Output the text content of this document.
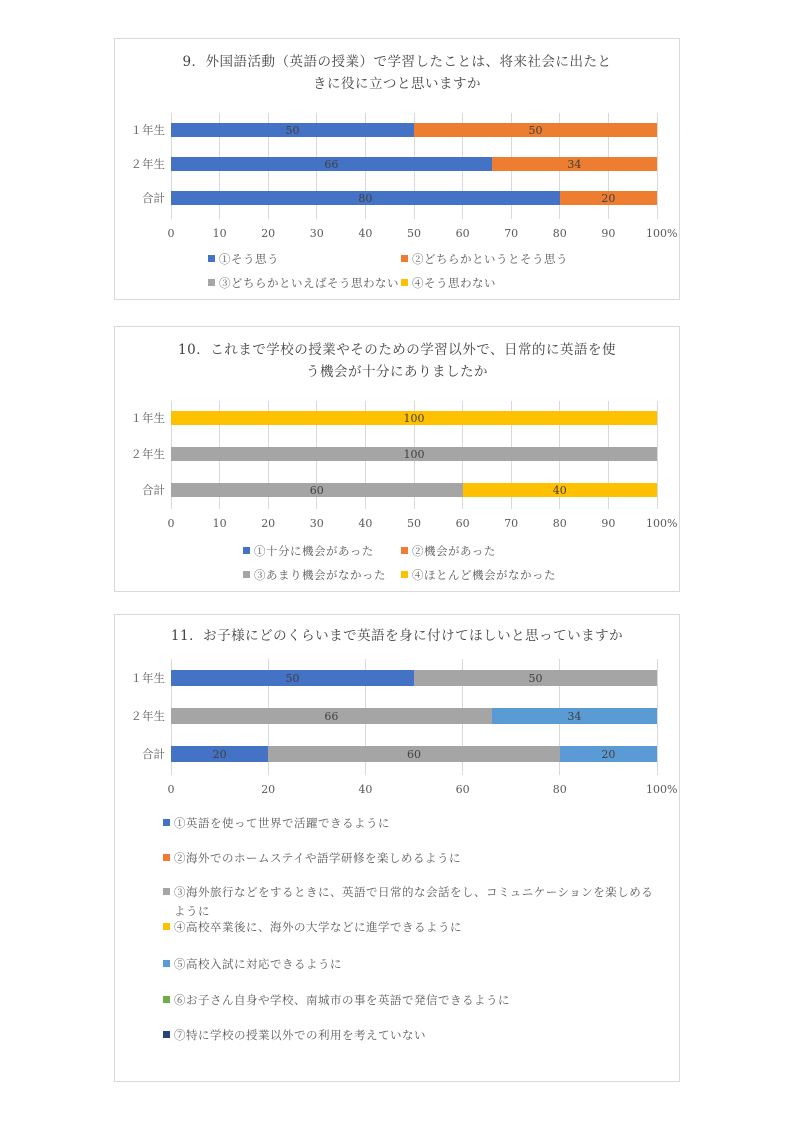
9．外国語活動（英語の授業）で学習したことは、将来社会に出たと
きに役に立つと思いますか
①そう思う	②どちらかというとそう思う
③どちらかといえばそう思わない	④そう思わない
0	10	20	30	40	50	60	70	80	90	100%
１年生
２年生
合計
50	50
66	34
80	20
10．これまで学校の授業やそのための学習以外で、日常的に英語を使
う機会が十分にありましたか
①十分に機会があった	②機会があった
③あまり機会がなかった	④ほとんど機会がなかった
0	10	20	30	40	50	60	70	80	90	100%
１年生
２年生
合計
100
100
60	40
11．お子様にどのくらいまで英語を身に付けてほしいと思っていますか
①英語を使って世界で活躍できるように
②海外でのホームステイや語学研修を楽しめるように
③海外旅行などをするときに、英語で日常的な会話をし、コミュニケーションを楽しめるように
④高校卒業後に、海外の大学などに進学できるように
⑤高校入試に対応できるように
⑥お子さん自身や学校、南城市の事を英語で発信できるように
⑦特に学校の授業以外での利用を考えていない
0	20	40	60	80	100%
１年生
２年生
合計
50	50
66	34
20	60	20
